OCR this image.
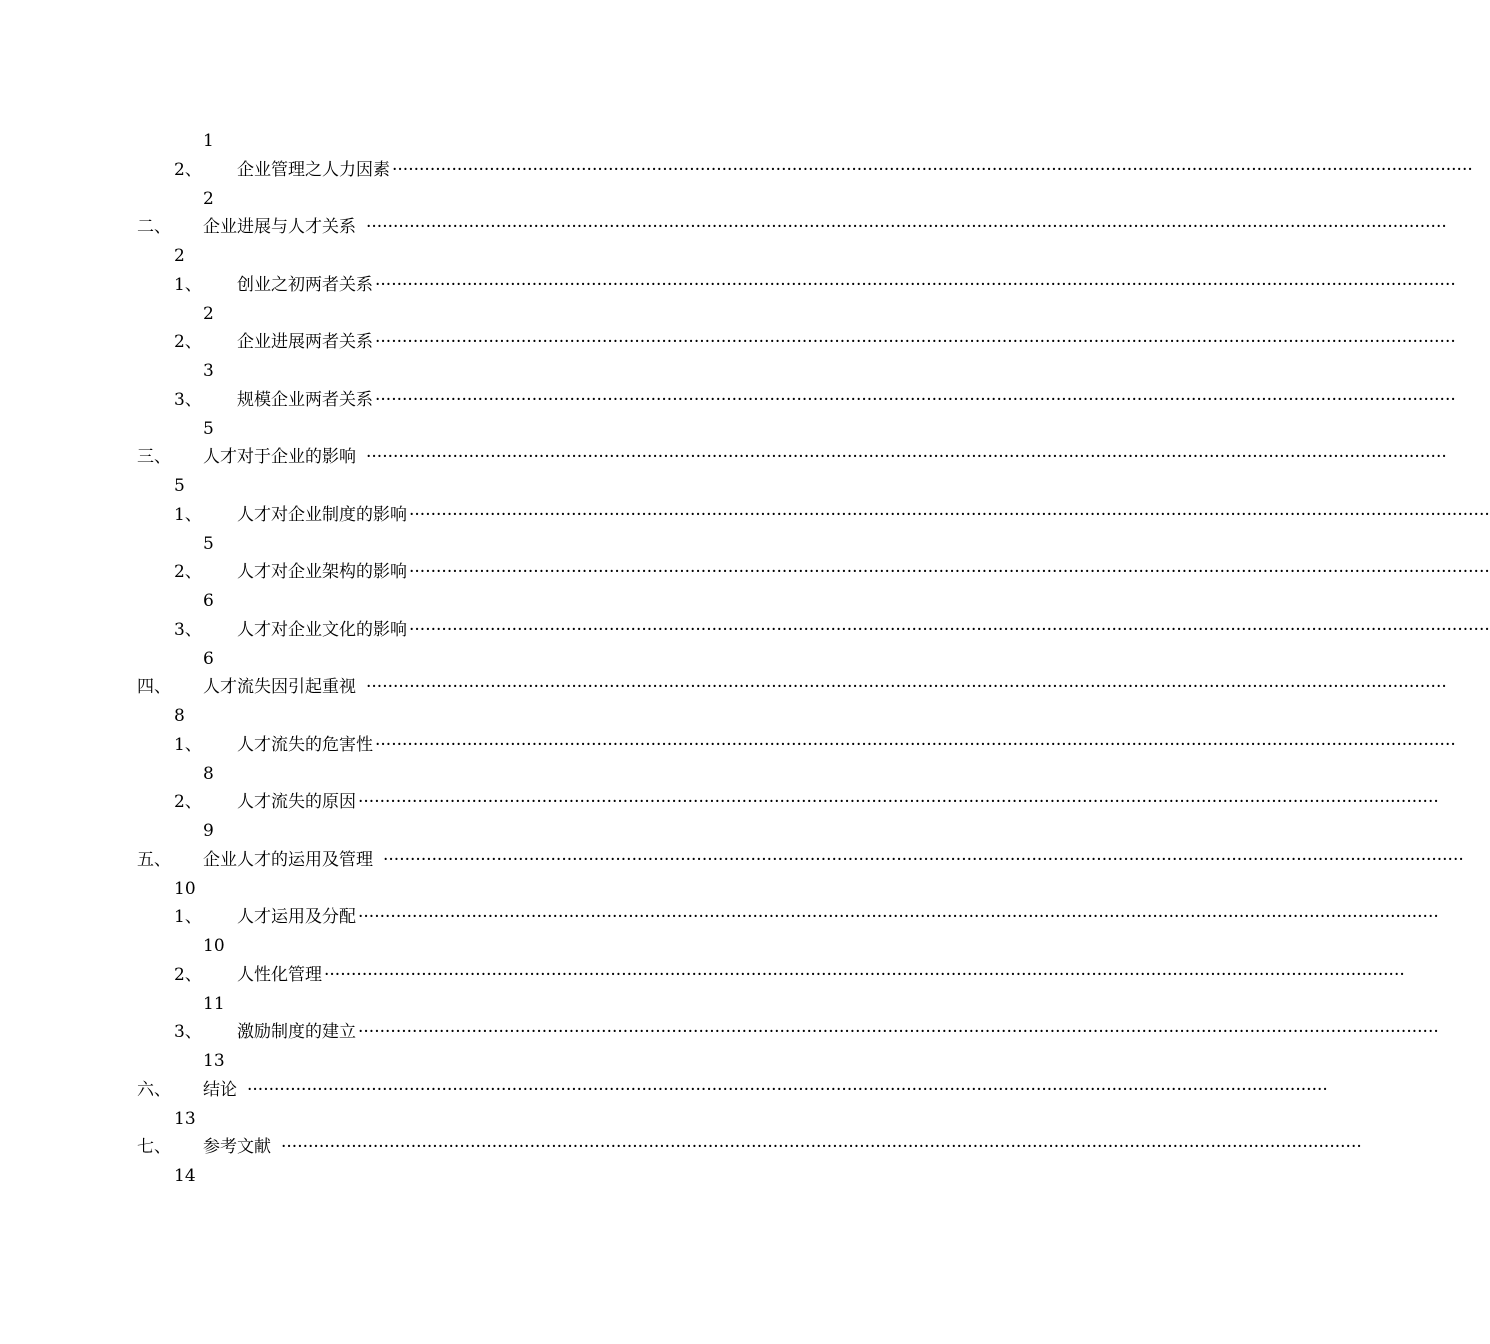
1
2、 企业管理之人力因素 ········································································································································································································
2
二、 企业进展与人才关系 ········································································································································································································
2
1、 创业之初两者关系 ········································································································································································································
2
2、 企业进展两者关系 ········································································································································································································
3
3、 规模企业两者关系 ········································································································································································································
5
三、 人才对于企业的影响 ········································································································································································································
5
1、 人才对企业制度的影响 ········································································································································································································
5
2、 人才对企业架构的影响 ········································································································································································································
6
3、 人才对企业文化的影响 ········································································································································································································
6
四、 人才流失因引起重视 ········································································································································································································
8
1、 人才流失的危害性 ········································································································································································································
8
2、 人才流失的原因 ········································································································································································································
9
五、 企业人才的运用及管理 ········································································································································································································
10
1、 人才运用及分配 ········································································································································································································
10
2、 人性化管理 ········································································································································································································
11
3、 激励制度的建立 ········································································································································································································
13
六、 结论 ········································································································································································································
13
七、 参考文献 ········································································································································································································
14
